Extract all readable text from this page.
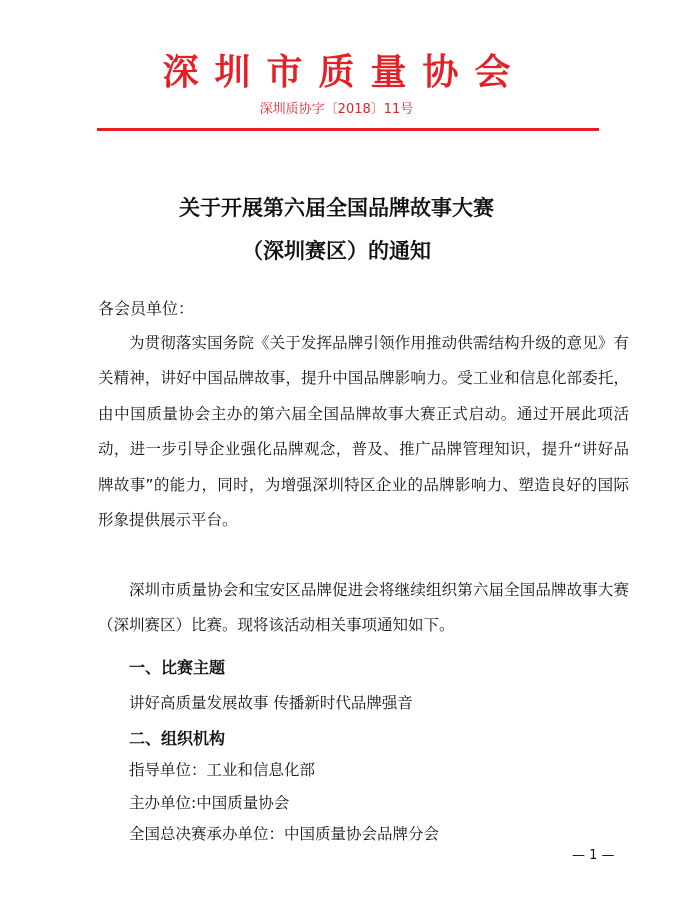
深圳市质量协会
深圳质协字〔2018〕11号
关于开展第六届全国品牌故事大赛
（深圳赛区）的通知
各会员单位：

为贯彻落实国务院《关于发挥品牌引领作用推动供需结构升级的意见》有关精神，讲好中国品牌故事，提升中国品牌影响力。受工业和信息化部委托，由中国质量协会主办的第六届全国品牌故事大赛正式启动。通过开展此项活动，进一步引导企业强化品牌观念，普及、推广品牌管理知识，提升“讲好品牌故事”的能力，同时，为增强深圳特区企业的品牌影响力、塑造良好的国际形象提供展示平台。

深圳市质量协会和宝安区品牌促进会将继续组织第六届全国品牌故事大赛（深圳赛区）比赛。现将该活动相关事项通知如下。

一、比赛主题
讲好高质量发展故事 传播新时代品牌强音
二、组织机构
指导单位：工业和信息化部
主办单位:中国质量协会
全国总决赛承办单位：中国质量协会品牌分会
— 1 —
